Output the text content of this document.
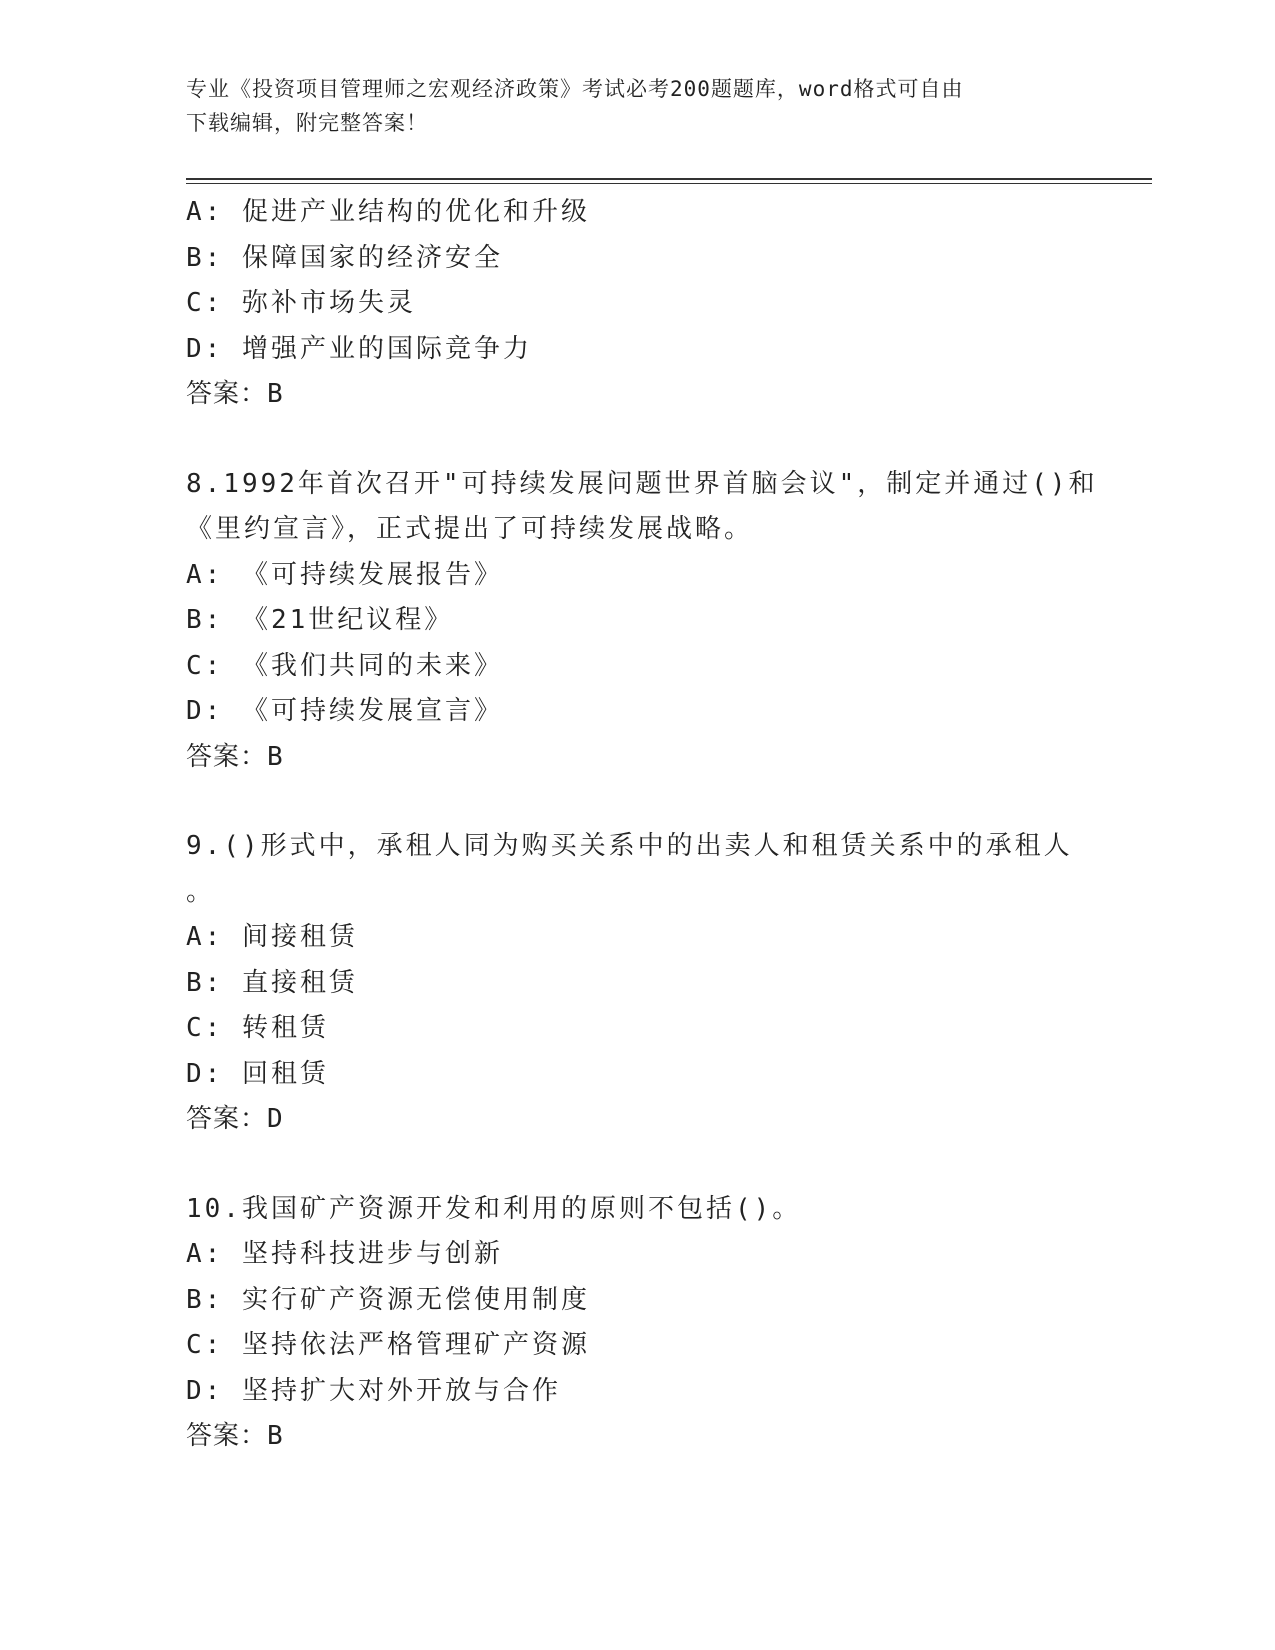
专业《投资项目管理师之宏观经济政策》考试必考200题题库，word格式可自由
下载编辑，附完整答案！
A: 促进产业结构的优化和升级
B: 保障国家的经济安全
C: 弥补市场失灵
D: 增强产业的国际竞争力
答案：B
8.1992年首次召开"可持续发展问题世界首脑会议"，制定并通过()和
《里约宣言》，正式提出了可持续发展战略。
A: 《可持续发展报告》
B: 《21世纪议程》
C: 《我们共同的未来》
D: 《可持续发展宣言》
答案：B
9.()形式中，承租人同为购买关系中的出卖人和租赁关系中的承租人
。
A: 间接租赁
B: 直接租赁
C: 转租赁
D: 回租赁
答案：D
10.我国矿产资源开发和利用的原则不包括()。
A: 坚持科技进步与创新
B: 实行矿产资源无偿使用制度
C: 坚持依法严格管理矿产资源
D: 坚持扩大对外开放与合作
答案：B
